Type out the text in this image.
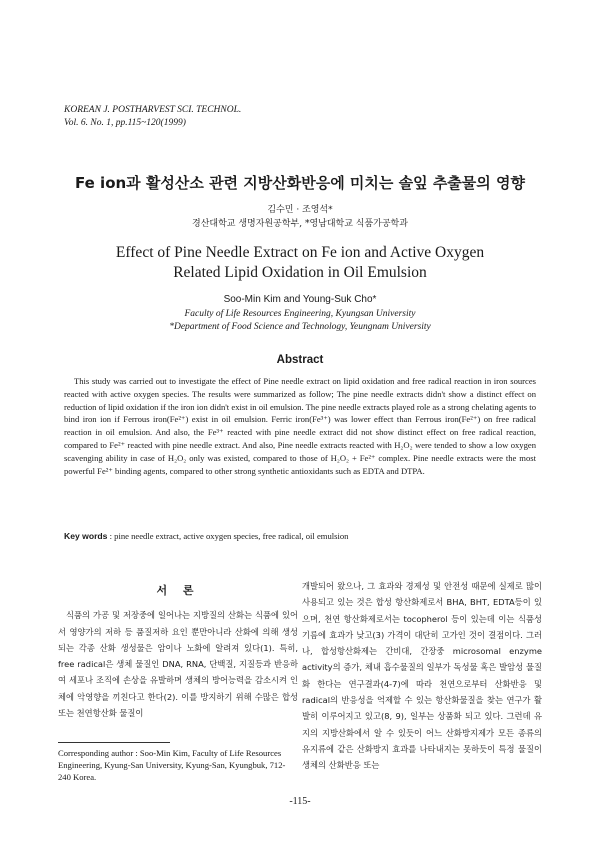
KOREAN J. POSTHARVEST SCI. TECHNOL.
Vol. 6. No. 1, pp.115~120(1999)
Fe ion과 활성산소 관련 지방산화반응에 미치는 솔잎 추출물의 영향
김수민 · 조영석*
경산대학교 생명자원공학부, *영남대학교 식품가공학과
Effect of Pine Needle Extract on Fe ion and Active Oxygen
Related Lipid Oxidation in Oil Emulsion
Soo-Min Kim and Young-Suk Cho*
Faculty of Life Resources Engineering, Kyungsan University
*Department of Food Science and Technology, Yeungnam University
Abstract
This study was carried out to investigate the effect of Pine needle extract on lipid oxidation and free radical reaction in iron sources reacted with active oxygen species. The results were summarized as follow; The pine needle extracts didn't show a distinct effect on reduction of lipid oxidation if the iron ion didn't exist in oil emulsion. The pine needle extracts played role as a strong chelating agents to bind iron ion if Ferrous iron(Fe²⁺) exist in oil emulsion. Ferric iron(Fe³⁺) was lower effect than Ferrous iron(Fe²⁺) on free radical reaction in oil emulsion. And also, the Fe³⁺ reacted with pine needle extract did not show distinct effect on free radical reaction, compared to Fe²⁺ reacted with pine needle extract. And also, Pine needle extracts reacted with H₂O₂ were tended to show a low oxygen scavenging ability in case of H₂O₂ only was existed, compared to those of H₂O₂ + Fe²⁺ complex. Pine needle extracts were the most powerful Fe²⁺ binding agents, compared to other strong synthetic antioxidants such as EDTA and DTPA.
Key words : pine needle extract, active oxygen species, free radical, oil emulsion
서 론

식품의 가공 및 저장중에 일어나는 지방질의 산화는 식품에 있어서 영양가의 저하 등 품질저하 요인 뿐만아니라 산화에 의해 생성되는 각종 산화 생성물은 암이나 노화에 알려져 있다(1). 특히, free radical은 생체 물질인 DNA, RNA, 단백질, 지질등과 반응하여 세포나 조직에 손상을 유발하며 생체의 방어능력을 감소시켜 인체에 악영향을 끼친다고 한다(2). 이를 방지하기 위해 수많은 합성 또는 천연항산화 물질이

개발되어 왔으나, 그 효과와 경제성 및 안전성 때문에 실제로 많이 사용되고 있는 것은 합성 항산화제로서 BHA, BHT, EDTA등이 있으며, 천연 항산화제로서는 tocopherol 등이 있는데 이는 식품성 기름에 효과가 낮고(3) 가격이 대단히 고가인 것이 결점이다. 그러나, 합성항산화제는 간비대, 간장중 microsomal enzyme activity의 증가, 체내 흡수물질의 일부가 독성물 혹은 발암성 물질화 한다는 연구결과(4-7)에 따라 천연으로부터 산화반응 및 radical의 반응성을 억제할 수 있는 항산화물질을 찾는 연구가 활발히 이루어지고 있고(8, 9), 일부는 상품화 되고 있다. 그런데 유지의 지방산화에서 알 수 있듯이 어느 산화방지제가 모든 종류의 유지류에 같은 산화방지 효과를 나타내지는 못하듯이 특정 물질이 생체의 산화반응 또는

Corresponding author : Soo-Min Kim, Faculty of Life Resources Engineering, Kyung-San University, Kyung-San, Kyungbuk, 712-240 Korea.
-115-
